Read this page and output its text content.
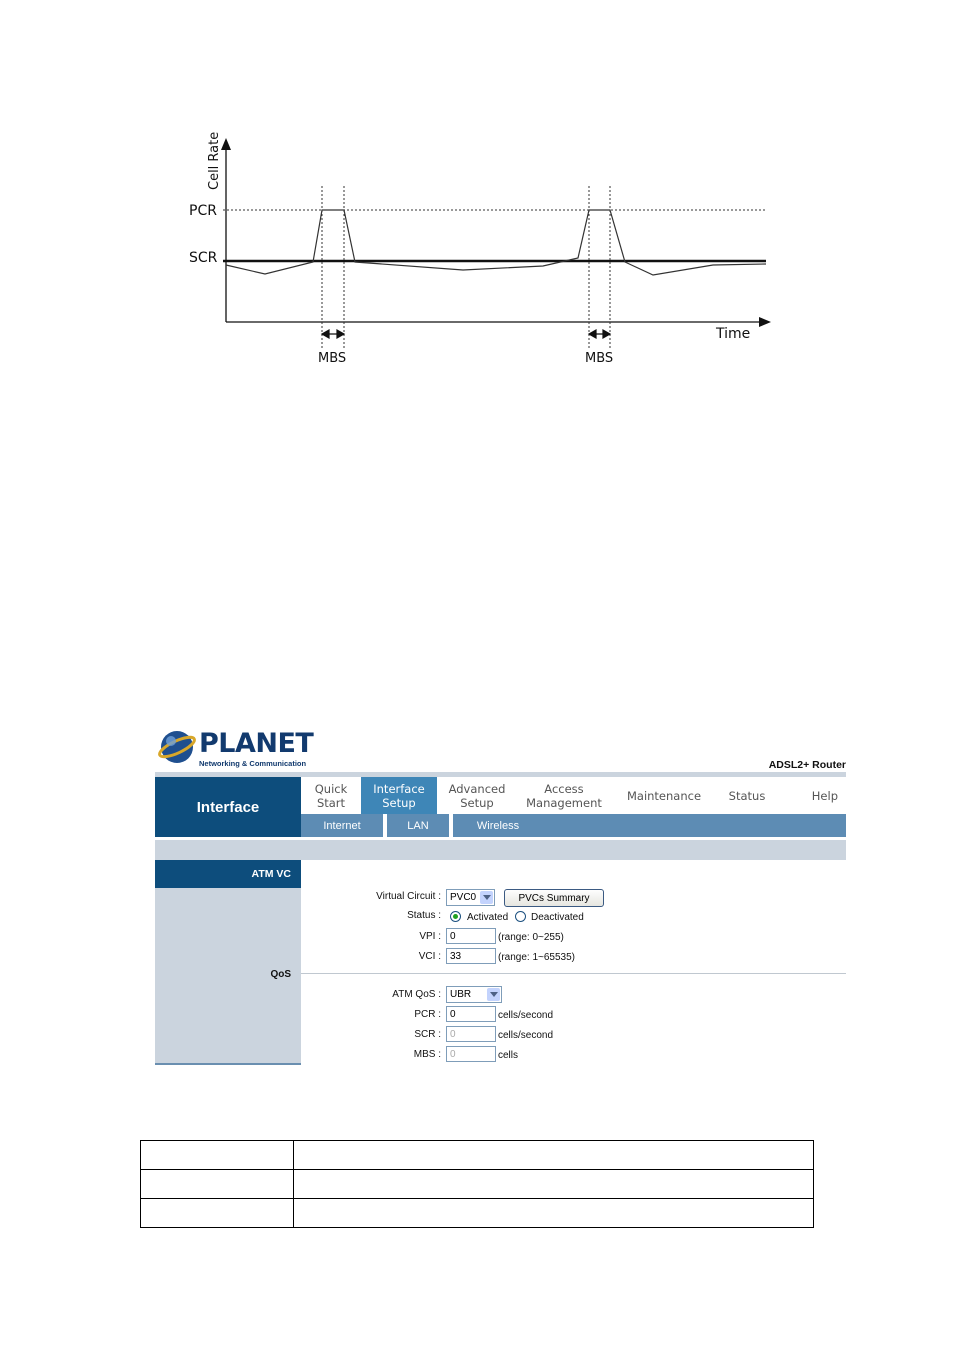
Cell Rate
Time
PCR
SCR
MBS	MBS
PLANET
Networking & Communication	ADSL2+ Router
Interface
Quick
Start
Interface
Setup
Advanced
Setup
Access
Management Maintenance Status	Help
Internet	LAN	Wireless
ATM VC
QoS
Virtual Circuit : PVC0	PVCs Summary
Status :	Activated Deactivated
VPI : 0	(range: 0~255)
VCI : 33	(range: 1~65535)
ATM QoS : UBR
PCR : 0	cells/second
SCR : 0	cells/second
MBS : 0	cells
